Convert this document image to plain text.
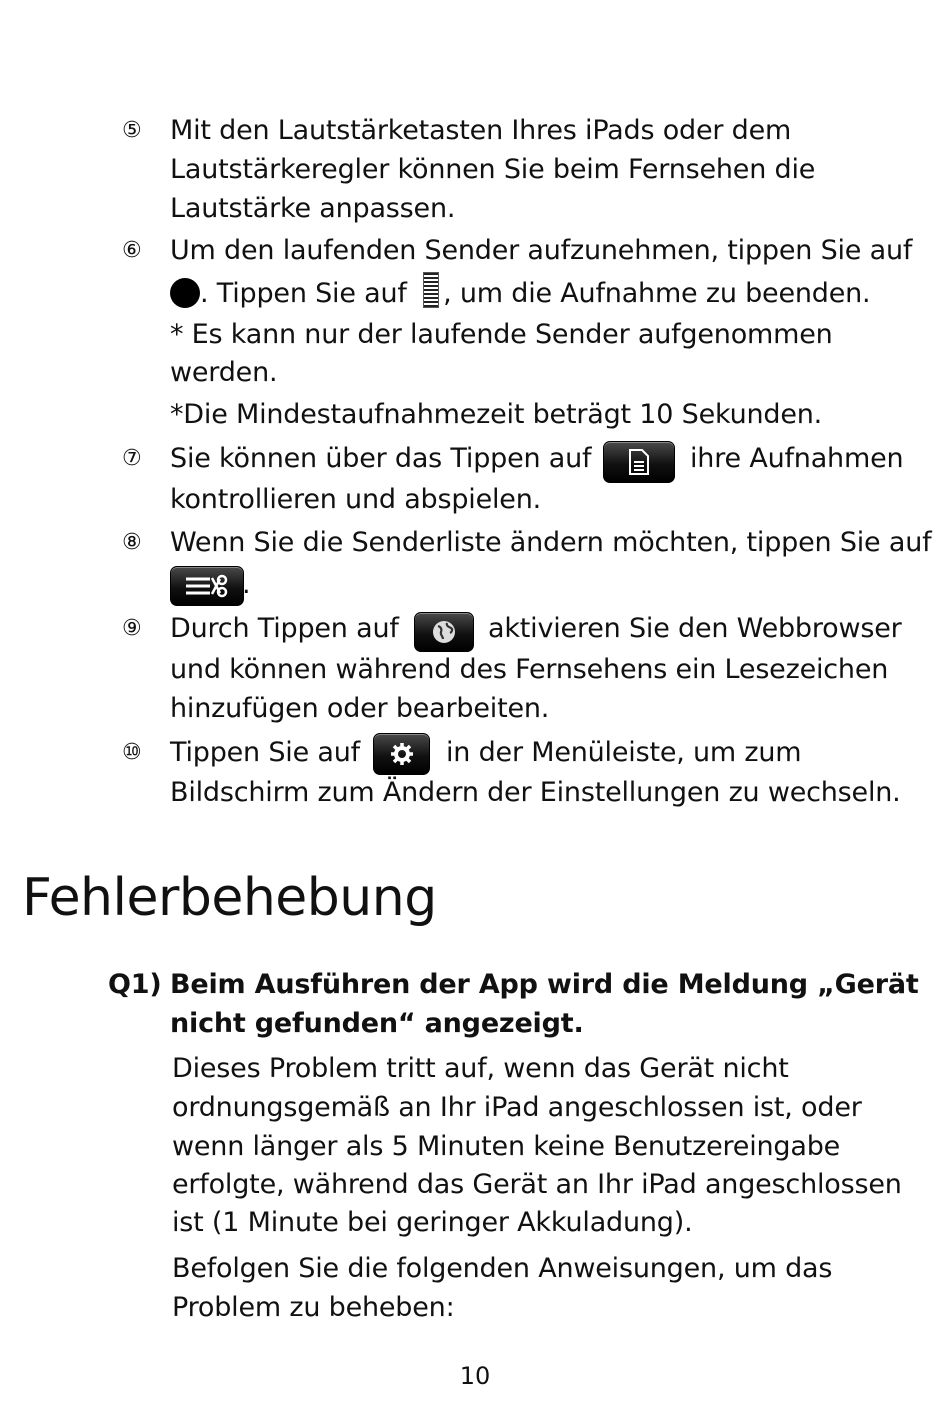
⑤ Mit den Lautstärketasten Ihres iPads oder dem
Lautstärkeregler können Sie beim Fernsehen die
Lautstärke anpassen.
⑥ Um den laufenden Sender aufzunehmen, tippen Sie auf
. Tippen Sie auf , um die Aufnahme zu beenden.
* Es kann nur der laufende Sender aufgenommen
werden.
*Die Mindestaufnahmezeit beträgt 10 Sekunden.
⑦ Sie können über das Tippen auf	ihre Aufnahmen
kontrollieren und abspielen.
⑧ Wenn Sie die Senderliste ändern möchten, tippen Sie auf
.
⑨ Durch Tippen auf	aktivieren Sie den Webbrowser
und können während des Fernsehens ein Lesezeichen
hinzufügen oder bearbeiten.
⑩ Tippen Sie auf	in der Menüleiste, um zum
Bildschirm zum Ändern der Einstellungen zu wechseln.
Fehlerbehebung
Q1) Beim Ausführen der App wird die Meldung „Gerät
nicht gefunden“ angezeigt.
Dieses Problem tritt auf, wenn das Gerät nicht
ordnungsgemäß an Ihr iPad angeschlossen ist, oder
wenn länger als 5 Minuten keine Benutzereingabe
erfolgte, während das Gerät an Ihr iPad angeschlossen
ist (1 Minute bei geringer Akkuladung).
Befolgen Sie die folgenden Anweisungen, um das
Problem zu beheben:
10
